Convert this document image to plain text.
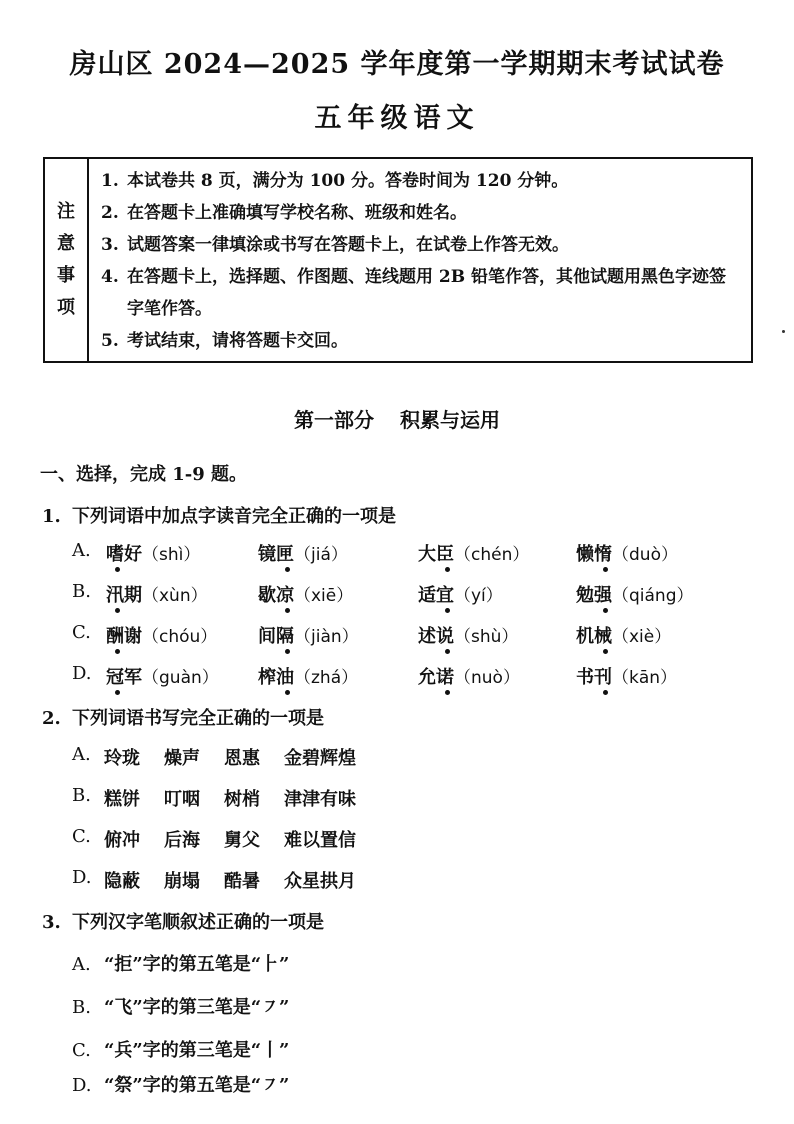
房山区 2024—2025 学年度第一学期期末考试试卷
五年级语文
注
意
事
项
1. 本试卷共 8 页，满分为 100 分。答卷时间为 120 分钟。
2. 在答题卡上准确填写学校名称、班级和姓名。
3. 试题答案一律填涂或书写在答题卡上，在试卷上作答无效。
4. 在答题卡上，选择题、作图题、连线题用 2B 铅笔作答，其他试题用黑色字迹签字笔作答。
5. 考试结束，请将答题卡交回。
第一部分 积累与运用
一、选择，完成 1-9 题。
1. 下列词语中加点字读音完全正确的一项是
A. 嗜好（shì）	镜匣（jiá）	大臣（chén）	懒惰（duò）
B. 汛期（xùn）	歇凉（xiē）	适宜（yí）	勉强（qiáng）
C. 酬谢（chóu） 间隔（jiàn）	述说（shù）	机械（xiè）
D. 冠军（guàn） 榨油（zhá）	允诺（nuò）	书刊（kān）
2. 下列词语书写完全正确的一项是
A. 玲珑 燥声 恩惠 金碧辉煌
B. 糕饼 叮咽 树梢 津津有味
C. 俯冲 后海 舅父 难以置信
D. 隐蔽 崩塌 酷暑 众星拱月
3. 下列汉字笔顺叙述正确的一项是
A. “拒”字的第五笔是“⺊”
B. “飞”字的第三笔是“㇇”
C. “兵”字的第三笔是“丨”
D. “祭”字的第五笔是“㇇”
